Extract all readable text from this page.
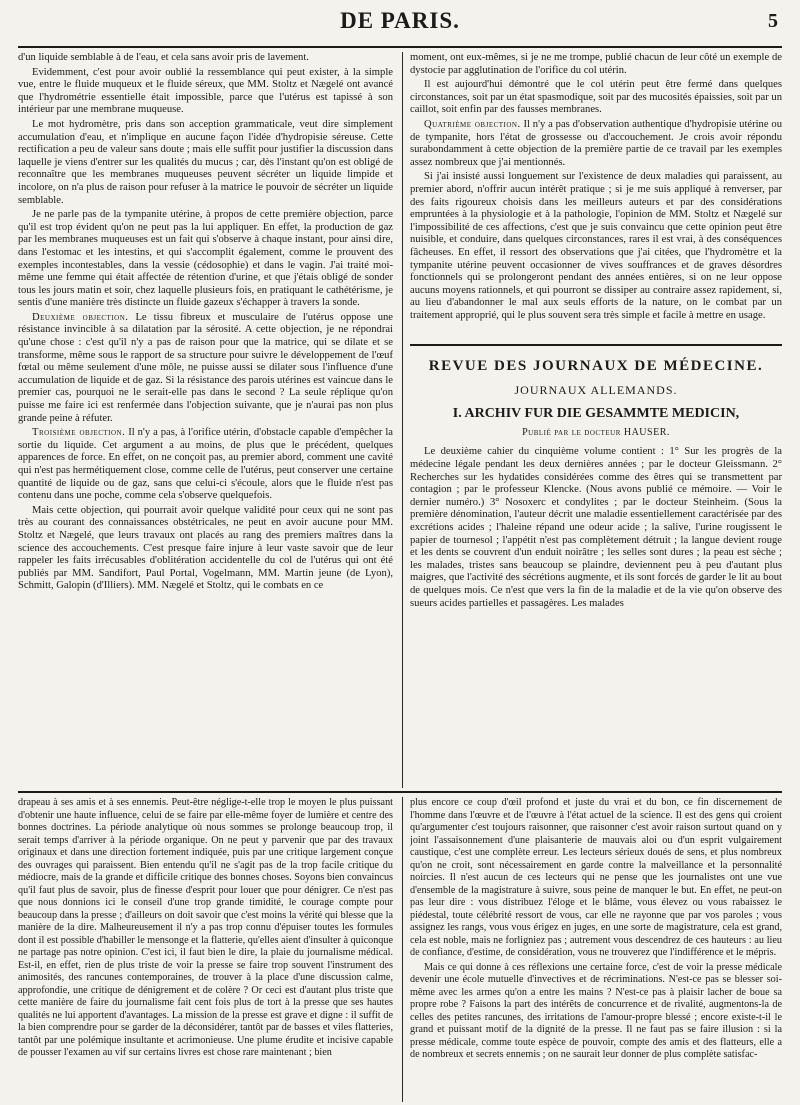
DE PARIS.	5

d'un liquide semblable à de l'eau, et cela sans avoir pris de lavement.

Evidemment, c'est pour avoir oublié la ressemblance qui peut exister, à la simple vue, entre le fluide muqueux et le fluide séreux, que MM. Stoltz et Nægelé ont avancé que l'hydrométrie essentielle était impossible, parce que l'utérus est tapissé à son intérieur par une membrane muqueuse.

Le mot hydromètre, pris dans son acception grammaticale, veut dire simplement accumulation d'eau, et n'implique en aucune façon l'idée d'hydropisie séreuse. Cette rectification a peu de valeur sans doute ; mais elle suffit pour justifier la discussion dans laquelle je viens d'entrer sur les qualités du mucus ; car, dès l'instant qu'on est obligé de reconnaître que les membranes muqueuses peuvent sécréter un liquide limpide et incolore, on n'a plus de raison pour refuser à la matrice le pouvoir de sécréter un liquide semblable.

Je ne parle pas de la tympanite utérine, à propos de cette première objection, parce qu'il est trop évident qu'on ne peut pas la lui appliquer. En effet, la production de gaz par les membranes muqueuses est un fait qui s'observe à chaque instant, pour ainsi dire, dans l'estomac et les intestins, et qui s'accomplit également, comme le prouvent des exemples incontestables, dans la vessie (cédosophie) et dans le vagin. J'ai traité moi-même une femme qui était affectée de rétention d'urine, et que j'étais obligé de sonder tous les jours matin et soir, chez laquelle plusieurs fois, en pratiquant le cathétérisme, je sentis d'une manière très distincte un fluide gazeux s'échapper à travers la sonde.

Deuxième objection. Le tissu fibreux et musculaire de l'utérus oppose une résistance invincible à sa dilatation par la sérosité. A cette objection, je ne répondrai qu'une chose : c'est qu'il n'y a pas de raison pour que la matrice, qui se dilate et se transforme, même sous le rapport de sa structure pour suivre le développement de l'œuf fœtal ou même seulement d'une môle, ne puisse aussi se dilater sous l'influence d'une accumulation de liquide et de gaz. Si la résistance des parois utérines est vaincue dans le premier cas, pourquoi ne le serait-elle pas dans le second ? La seule réplique qu'on puisse me faire ici est renfermée dans l'objection suivante, que je n'aurai pas non plus grande peine à réfuter.

Troisième objection. Il n'y a pas, à l'orifice utérin, d'obstacle capable d'empêcher la sortie du liquide. Cet argument a au moins, de plus que le précédent, quelques apparences de force. En effet, on ne conçoit pas, au premier abord, comment une cavité qui n'est pas hermétiquement close, comme celle de l'utérus, peut conserver une certaine quantité de liquide ou de gaz, sans que celui-ci s'écoule, alors que le fluide n'est pas contenu dans une poche, comme cela s'observe quelquefois.

Mais cette objection, qui pourrait avoir quelque validité pour ceux qui ne sont pas très au courant des connaissances obstétricales, ne peut en avoir aucune pour MM. Stoltz et Nægelé, que leurs travaux ont placés au rang des premiers maîtres dans la science des accouchements. C'est presque faire injure à leur vaste savoir que de leur rappeler les faits irrécusables d'oblitération accidentelle du col de l'utérus qui ont été publiés par MM. Sandifort, Paul Portal, Vogelmann, MM. Martin jeune (de Lyon), Schmitt, Galopin (d'Illiers). MM. Nægelé et Stoltz, qui le combats en ce

moment, ont eux-mêmes, si je ne me trompe, publié chacun de leur côté un exemple de dystocie par agglutination de l'orifice du col utérin.

Il est aujourd'hui démontré que le col utérin peut être fermé dans quelques circonstances, soit par un état spasmodique, soit par des mucosités épaissies, soit par un caillot, soit enfin par des fausses membranes.

Quatrième objection. Il n'y a pas d'observation authentique d'hydropisie utérine ou de tympanite, hors l'état de grossesse ou d'accouchement. Je crois avoir répondu surabondamment à cette objection de la première partie de ce travail par les exemples assez nombreux que j'ai mentionnés.

Si j'ai insisté aussi longuement sur l'existence de deux maladies qui paraissent, au premier abord, n'offrir aucun intérêt pratique ; si je me suis appliqué à renverser, par des faits rigoureux choisis dans les meilleurs auteurs et par des considérations empruntées à la physiologie et à la pathologie, l'opinion de MM. Stoltz et Nægelé sur l'impossibilité de ces affections, c'est que je suis convaincu que cette opinion peut être nuisible, et conduire, dans quelques circonstances, rares il est vrai, à des conséquences fâcheuses. En effet, il ressort des observations que j'ai citées, que l'hydromètre et la tympanite utérine peuvent occasionner de vives souffrances et de graves désordres fonctionnels qui se prolongeront pendant des années entières, si on ne leur oppose aucuns moyens rationnels, et qui pourront se dissiper au contraire assez rapidement, si, au lieu d'abandonner le mal aux seuls efforts de la nature, on le combat par un traitement approprié, qui le plus souvent sera très simple et facile à mettre en usage.

REVUE DES JOURNAUX DE MÉDECINE.
JOURNAUX ALLEMANDS.
I. ARCHIV FUR DIE GESAMMTE MEDICIN,
Publié par le docteur HAUSER.

Le deuxième cahier du cinquième volume contient : 1° Sur les progrès de la médecine légale pendant les deux dernières années ; par le docteur Gleissmann. 2° Recherches sur les hydatides considérées comme des êtres qui se transmettent par contagion ; par le professeur Klencke. (Nous avons publié ce mémoire. — Voir le dernier numéro.) 3° Nosoxerc et condylites ; par le docteur Steinheim. (Sous la première dénomination, l'auteur décrit une maladie essentiellement caractérisée par des excrétions acides ; l'haleine répand une odeur acide ; la salive, l'urine rougissent le papier de tournesol ; l'appétit n'est pas complètement détruit ; la langue devient rouge et les dents se couvrent d'un enduit noirâtre ; les selles sont dures ; la peau est sèche ; les malades, tristes sans beaucoup se plaindre, deviennent peu à peu d'autant plus maigres, que l'activité des sécrétions augmente, et ils sont forcés de garder le lit au bout de quelques mois. Ce n'est que vers la fin de la maladie et de la vie qu'on observe des sueurs acides partielles et passagères. Les malades

drapeau à ses amis et à ses ennemis. Peut-être néglige-t-elle trop le moyen le plus puissant d'obtenir une haute influence, celui de se faire par elle-même foyer de lumière et centre des bonnes doctrines. La période analytique où nous sommes se prolonge beaucoup trop, il serait temps d'arriver à la période organique. On ne peut y parvenir que par des travaux originaux et dans une direction fortement indiquée, puis par une critique largement conçue des ouvrages qui paraissent. Bien entendu qu'il ne s'agit pas de la trop facile critique du médiocre, mais de la grande et difficile critique des bonnes choses. Soyons bien convaincus qu'il faut plus de savoir, plus de finesse d'esprit pour louer que pour dénigrer. Ce n'est pas que nous donnions ici le conseil d'une trop grande timidité, le courage compte pour beaucoup dans la presse ; d'ailleurs on doit savoir que c'est moins la vérité qui blesse que la manière de la dire. Malheureusement il n'y a pas trop connu d'épuiser toutes les formules dont il est possible d'habiller le mensonge et la flatterie, qu'elles aient d'insulter à quiconque ne partage pas notre opinion. C'est ici, il faut bien le dire, la plaie du journalisme médical. Est-il, en effet, rien de plus triste de voir la presse se faire trop souvent l'instrument des animosités, des rancunes contemporaines, de trouver à la place d'une discussion calme, approfondie, une critique de dénigrement et de colère ? Or ceci est d'autant plus triste que cette manière de faire du journalisme fait cent fois plus de tort à la presse que ses hautes qualités ne lui apportent d'avantages. La mission de la presse est grave et digne : il suffit de la bien comprendre pour se garder de la déconsidérer, tantôt par de basses et viles flatteries, tantôt par une polémique insultante et acrimonieuse. Une plume érudite et incisive capable de pousser l'examen au vif sur certains livres est chose rare maintenant ; bien

plus encore ce coup d'œil profond et juste du vrai et du bon, ce fin discernement de l'homme dans l'œuvre et de l'œuvre à l'état actuel de la science. Il est des gens qui croient qu'argumenter c'est toujours raisonner, que raisonner c'est avoir raison surtout quand on y joint l'assaisonnement d'une plaisanterie de mauvais aloi ou d'un esprit vulgairement caustique, c'est une complète erreur. Les lecteurs sérieux doués de sens, et plus nombreux qu'on ne croit, sont nécessairement en garde contre la malveillance et la personnalité noircies. Il n'est aucun de ces lecteurs qui ne pense que les journalistes ont une vue d'ensemble de la magistrature à suivre, sous peine de manquer le but. En effet, ne peut-on pas leur dire : vous distribuez l'éloge et le blâme, vous élevez ou vous rabaissez le piédestal, toute célébrité ressort de vous, car elle ne rayonne que par vos paroles ; vous assignez les rangs, vous vous érigez en juges, en une sorte de magistrature, cela est grand, cela est noble, mais ne forligniez pas ; autrement vous descendrez de ces hauteurs : au lieu de confiance, d'estime, de considération, vous ne trouverez que l'indifférence et le mépris.

Mais ce qui donne à ces réflexions une certaine force, c'est de voir la presse médicale devenir une école mutuelle d'invectives et de récriminations. N'est-ce pas se blesser soi-même avec les armes qu'on a entre les mains ? N'est-ce pas à plaisir lacher de boue sa propre robe ? Faisons la part des intérêts de concurrence et de rivalité, augmentons-la de celles des petites rancunes, des irritations de l'amour-propre blessé ; encore existe-t-il le grand et puissant motif de la dignité de la presse. Il ne faut pas se faire illusion : si la presse médicale, comme toute espèce de pouvoir, compte des amis et des flatteurs, elle a de nombreux et secrets ennemis ; on ne saurait leur donner de plus complète satisfac-
